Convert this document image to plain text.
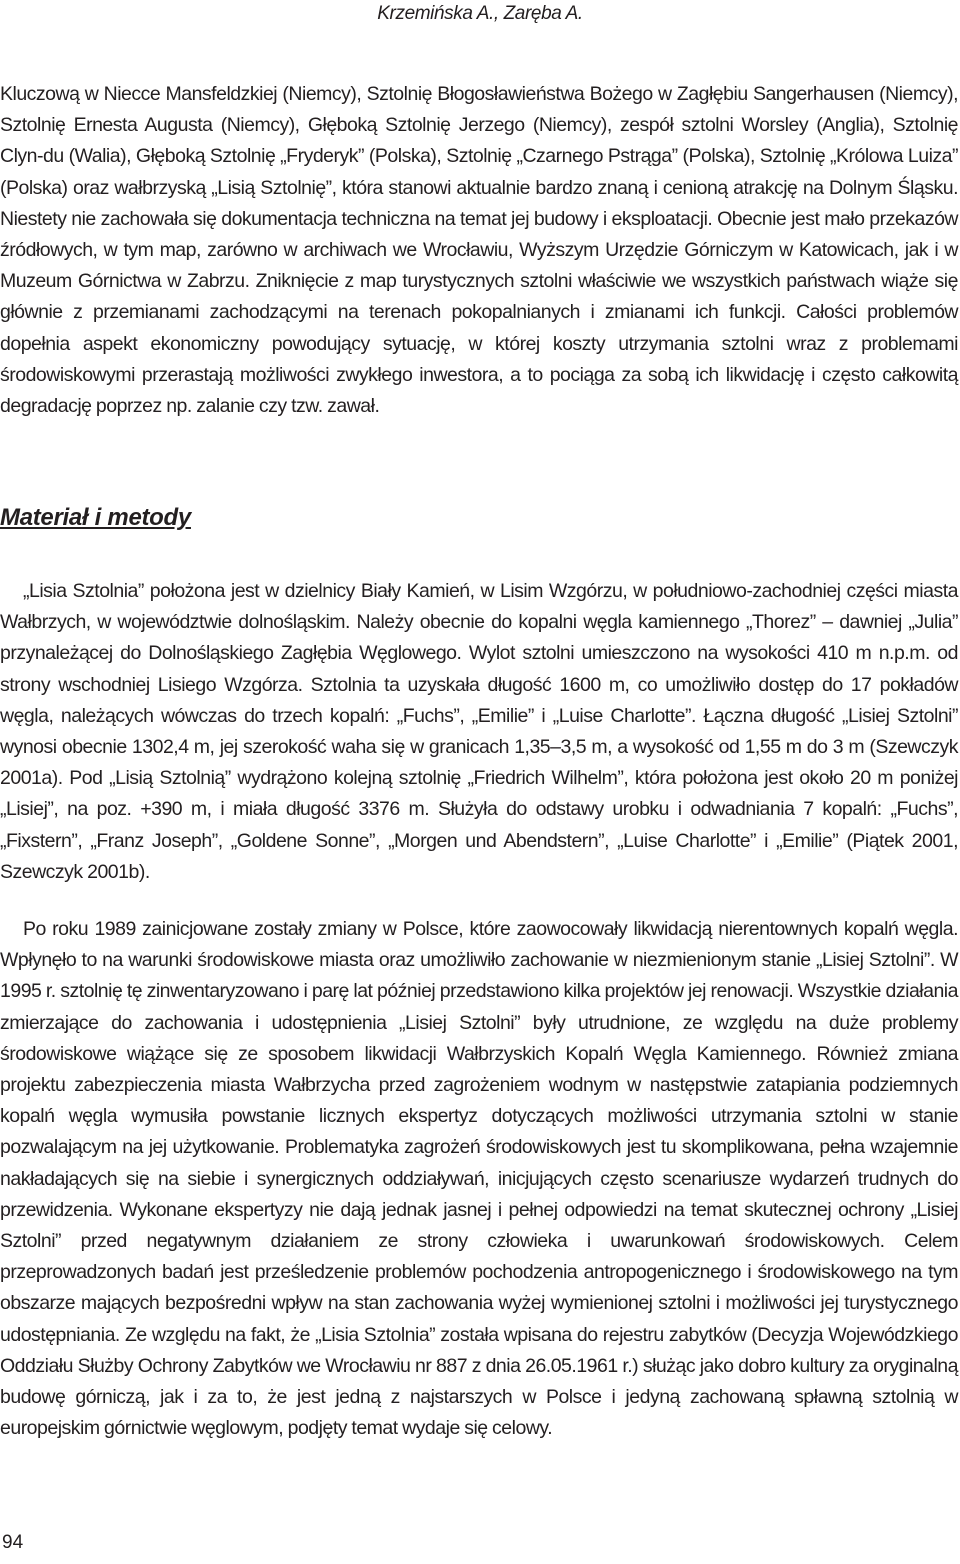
Krzemińska A., Zaręba A.

Kluczową w Niecce Mansfeldzkiej (Niemcy), Sztolnię Błogosławieństwa Bożego w Zagłębiu Sangerhausen (Niemcy), Sztolnię Ernesta Augusta (Niemcy), Głęboką Sztolnię Jerzego (Niemcy), zespół sztolni Worsley (Anglia), Sztolnię Clyn-du (Walia), Głęboką Sztolnię „Fryderyk” (Polska), Sztolnię „Czarnego Pstrąga” (Polska), Sztolnię „Królowa Luiza” (Polska) oraz wałbrzyską „Lisią Sztolnię”, która stanowi aktualnie bardzo znaną i cenioną atrakcję na Dolnym Śląsku. Niestety nie zachowała się dokumentacja techniczna na temat jej budowy i eksploatacji. Obecnie jest mało przekazów źródłowych, w tym map, zarówno w archiwach we Wrocławiu, Wyższym Urzędzie Górniczym w Katowicach, jak i w Muzeum Górnictwa w Zabrzu. Zniknięcie z map turystycznych sztolni właściwie we wszystkich państwach wiąże się głównie z przemianami zachodzącymi na terenach pokopalnianych i zmianami ich funkcji. Całości problemów dopełnia aspekt ekonomiczny powodujący sytuację, w której koszty utrzymania sztolni wraz z problemami środowiskowymi przerastają możliwości zwykłego inwestora, a to pociąga za sobą ich likwidację i często całkowitą degradację poprzez np. zalanie czy tzw. zawał.

Materiał i metody

„Lisia Sztolnia” położona jest w dzielnicy Biały Kamień, w Lisim Wzgórzu, w południowo-zachodniej części miasta Wałbrzych, w województwie dolnośląskim. Należy obecnie do kopalni węgla kamiennego „Thorez” – dawniej „Julia” przynależącej do Dolnośląskiego Zagłębia Węglowego. Wylot sztolni umieszczono na wysokości 410 m n.p.m. od strony wschodniej Lisiego Wzgórza. Sztolnia ta uzyskała długość 1600 m, co umożliwiło dostęp do 17 pokładów węgla, należących wówczas do trzech kopalń: „Fuchs”, „Emilie” i „Luise Charlotte”. Łączna długość „Lisiej Sztolni” wynosi obecnie 1302,4 m, jej szerokość waha się w granicach 1,35–3,5 m, a wysokość od 1,55 m do 3 m (Szewczyk 2001a). Pod „Lisią Sztolnią” wydrążono kolejną sztolnię „Friedrich Wilhelm”, która położona jest około 20 m poniżej „Lisiej”, na poz. +390 m, i miała długość 3376 m. Służyła do odstawy urobku i odwadniania 7 kopalń: „Fuchs”, „Fixstern”, „Franz Joseph”, „Goldene Sonne”, „Morgen und Abendstern”, „Luise Charlotte” i „Emilie” (Piątek 2001, Szewczyk 2001b).

Po roku 1989 zainicjowane zostały zmiany w Polsce, które zaowocowały likwidacją nierentownych kopalń węgla. Wpłynęło to na warunki środowiskowe miasta oraz umożliwiło zachowanie w niezmienionym stanie „Lisiej Sztolni”. W 1995 r. sztolnię tę zinwentaryzowano i parę lat później przedstawiono kilka projektów jej renowacji. Wszystkie działania zmierzające do zachowania i udostępnienia „Lisiej Sztolni” były utrudnione, ze względu na duże problemy środowiskowe wiążące się ze sposobem likwidacji Wałbrzyskich Kopalń Węgla Kamiennego. Również zmiana projektu zabezpieczenia miasta Wałbrzycha przed zagrożeniem wodnym w następstwie zatapiania podziemnych kopalń węgla wymusiła powstanie licznych ekspertyz dotyczących możliwości utrzymania sztolni w stanie pozwalającym na jej użytkowanie. Problematyka zagrożeń środowiskowych jest tu skomplikowana, pełna wzajemnie nakładających się na siebie i synergicznych oddziaływań, inicjujących często scenariusze wydarzeń trudnych do przewidzenia. Wykonane ekspertyzy nie dają jednak jasnej i pełnej odpowiedzi na temat skutecznej ochrony „Lisiej Sztolni” przed negatywnym działaniem ze strony człowieka i uwarunkowań środowiskowych. Celem przeprowadzonych badań jest prześledzenie problemów pochodzenia antropogenicznego i środowiskowego na tym obszarze mających bezpośredni wpływ na stan zachowania wyżej wymienionej sztolni i możliwości jej turystycznego udostępniania. Ze względu na fakt, że „Lisia Sztolnia” została wpisana do rejestru zabytków (Decyzja Wojewódzkiego Oddziału Służby Ochrony Zabytków we Wrocławiu nr 887 z dnia 26.05.1961 r.) służąc jako dobro kultury za oryginalną budowę górniczą, jak i za to, że jest jedną z najstarszych w Polsce i jedyną zachowaną spławną sztolnią w europejskim górnictwie węglowym, podjęty temat wydaje się celowy.

94
